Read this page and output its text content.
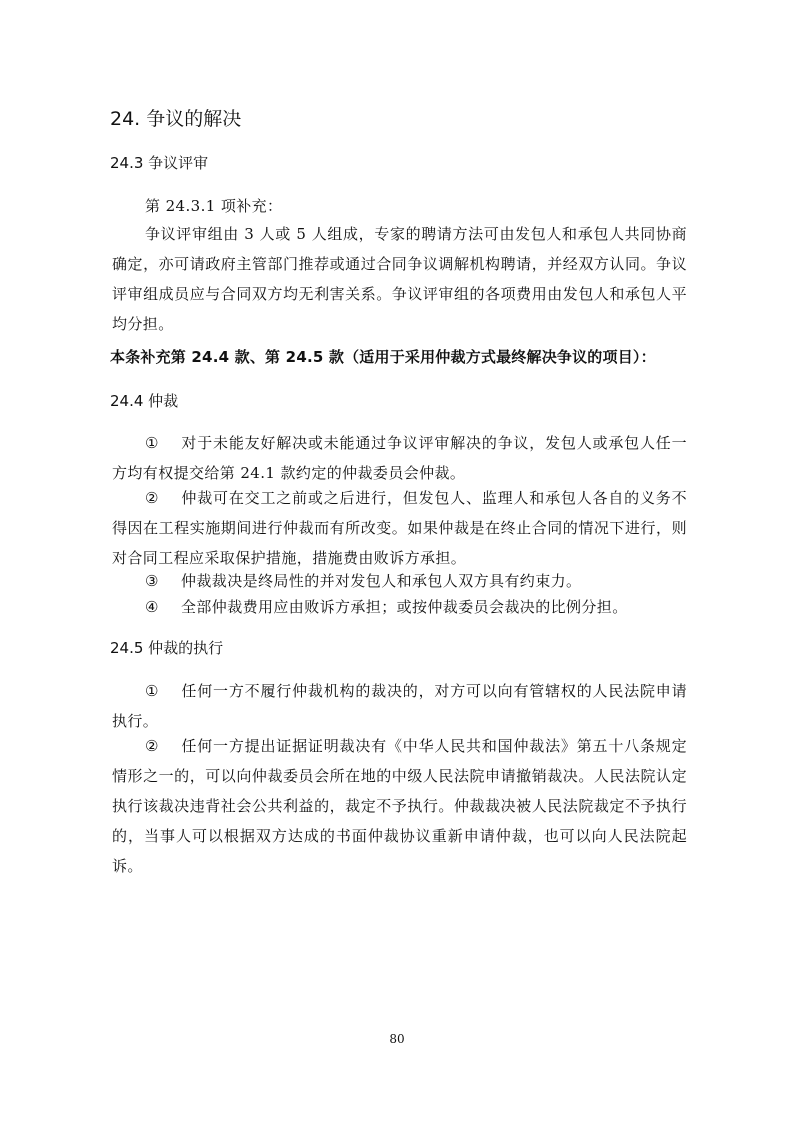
24. 争议的解决
24.3 争议评审
第 24.3.1 项补充：
争议评审组由 3 人或 5 人组成，专家的聘请方法可由发包人和承包人共同协商确定，亦可请政府主管部门推荐或通过合同争议调解机构聘请，并经双方认同。争议评审组成员应与合同双方均无利害关系。争议评审组的各项费用由发包人和承包人平均分担。
本条补充第 24.4 款、第 24.5 款（适用于采用仲裁方式最终解决争议的项目）：
24.4 仲裁
① 对于未能友好解决或未能通过争议评审解决的争议，发包人或承包人任一方均有权提交给第 24.1 款约定的仲裁委员会仲裁。
② 仲裁可在交工之前或之后进行，但发包人、监理人和承包人各自的义务不得因在工程实施期间进行仲裁而有所改变。如果仲裁是在终止合同的情况下进行，则对合同工程应采取保护措施，措施费由败诉方承担。
③ 仲裁裁决是终局性的并对发包人和承包人双方具有约束力。
④ 全部仲裁费用应由败诉方承担；或按仲裁委员会裁决的比例分担。
24.5 仲裁的执行
① 任何一方不履行仲裁机构的裁决的，对方可以向有管辖权的人民法院申请执行。
② 任何一方提出证据证明裁决有《中华人民共和国仲裁法》第五十八条规定情形之一的，可以向仲裁委员会所在地的中级人民法院申请撤销裁决。人民法院认定执行该裁决违背社会公共利益的，裁定不予执行。仲裁裁决被人民法院裁定不予执行的，当事人可以根据双方达成的书面仲裁协议重新申请仲裁，也可以向人民法院起诉。
80
